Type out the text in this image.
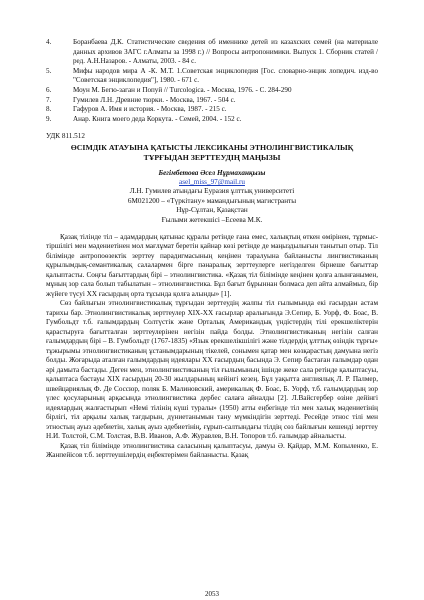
4.	Боранбаева Д.К. Статистические сведения об именнике детей из казахских семей (на материале данных архивов ЗАГС г.Алматы за 1998 г.) // Вопросы антропонимики. Выпуск 1. Сборник статей / ред. А.Н.Назаров. - Алматы, 2003. - 84 с.
5.	Мифы народов мира А -К. М.Т. 1.Советская энциклопедия [Гос. словарно-энцик лопедич. изд-во "Советская энциклопедия"], 1980. - 671 с.
6.	Моун М. Бегю-заган и Попуй // Turcologica. - Москва, 1976. - С. 284-290
7.	Гумилев Л.Н. Древние тюрки. - Москва, 1967. - 504 с.
8.	Гафуров А. Имя и история. - Москва, 1987. - 215 с.
9.	Анар. Книга моего деда Коркута. - Семей, 2004. - 152 с.
УДК 811.512
ӨСІМДІК АТАУЫНА ҚАТЫСТЫ ЛЕКСИКАНЫ ЭТНОЛИНГВИСТИКАЛЫҚ
ТҰРҒЫДАН ЗЕРТТЕУДІҢ МАҢЫЗЫ
Бегімбетова Әсел Нұрмаханқызы
asel_miss_97@mail.ru
Л.Н. Гумилев атындағы Еуразия ұлттық университеті
6М021200 – «Түркітану» мамандығының магистранты
Нұр-Сұлтан, Қазақстан
Ғылыми жетекшісі –Есеева М.К.

Қазақ тілінде тіл – адамдардың қатынас құралы ретінде ғана емес, халықтың өткен өмірінен, тұрмыс-тіршілігі мен мәдениетінен мол мағлұмат беретін қайнар көзі ретінде де маңыздылығын танытып отыр. Тіл білімінде антропоөзектік зерттеу парадигмасының кеңінен таралуына байланысты лингвистиканың құрылымдық-семантикалық салалармен бірге пәнаралық зерттеулерге негізделген бірнеше бағыттар қалыптасты. Соңғы бағыттардың бірі – этнолингвистика. «Қазақ тіл білімінде кеңінен қолға алынғанымен, мұның зор сала болып табылатын – этнолингвистика. Бұл бағыт бұрыннан болмаса деп айта алмаймыз, бір жүйеге түсуі ХХ ғасырдың орта тұсында қолға алынды» [1].

Сөз байлығын этнолингвистикалық тұрғыдан зерттеудің жалпы тіл ғылымында екі ғасырдан астам тарихы бар. Этнолингвистикалық зерттеулер ХІХ-ХХ ғасырлар аралығында Э.Сепир, Б. Уорф, Ф. Боас, В. Гумбольдт т.б. ғалымдардың Солтүстік және Орталық Американдық үндістердің тілі ерекшеліктерін қарастыруға бағытталған зерттеулерінен негізін пайда болды. Этнолингвистиканың негізін салған ғалымдардың бірі – В. Гумбольдт (1767-1835) «Язык ерекшелікшілігі және тілдердің ұлттық өзіндік тұрғы» тұжырымы этнолингвистиканың ұстанымдарының тікелей, сонымен қатар мен көзқарастың дамуына негіз болды. Жоғарыда аталған ғалымдардың идеялары ХХ ғасырдың басында Э. Сепир бастаған ғалымдар одан әрі дамыта бастады. Деген мен, этнолингвистиканың тіл ғылымының ішінде жеке сала ретінде қалыптасуы, қалыптаса бастауы ХІХ ғасырдың 20-30 жылдарының кейінгі кезең. Бұл уақытта англиялық Л. Р. Палмер, швейцариялық Ф. Де Соссюр, поляк Б. Малиновский, америкалық Ф. Боас, Б. Уорф, т.б. ғалымдардың зор үлес қосуларының арқасында этнолингвистика дербес салаға айналды [2]. Л.Вайсгербер өзіне дейінгі идеялардың жалғастырып «Немі тілінің күші туралы» (1950) атты еңбегінде тіл мен халық мәдениетінің бірлігі, тіл арқылы халық тағдырын, дүниетанымын тану мүмкіндігін зерттеді. Ресейде этнос тілі мен этностың ауыз әдебиетін, халық ауыз әдебиетінің, ғұрып-салтындағы тілдің сөз байлығын кешенді зерттеу Н.И. Толстой, С.М. Толстая, В.В. Иванов, А.Ф. Журавлев, В.Н. Топоров т.б. ғалымдар айналысты.

Қазақ тіл білімінде этнолингвистика саласының қалыптасуы, дамуы Ә. Қайдар, М.М. Копыленко, Е. Жанпейісов т.б. зерттеушілердің еңбектерімен байланысты. Қазақ

2053
